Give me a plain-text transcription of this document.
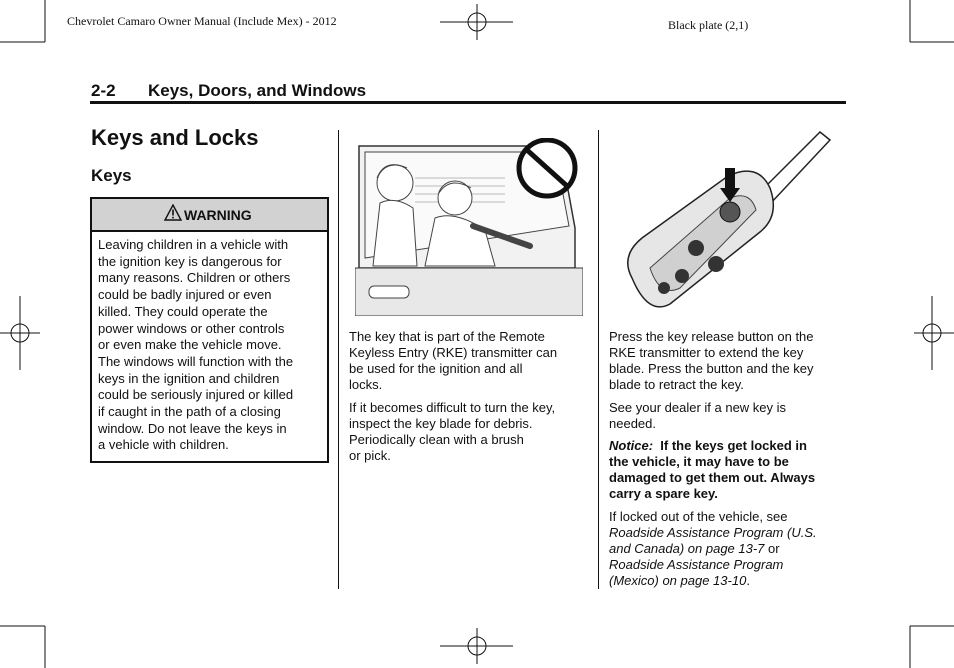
Chevrolet Camaro Owner Manual (Include Mex) - 2012	Black plate (2,1)
2-2 Keys, Doors, and Windows
Keys and Locks
Keys
WARNING
Leaving children in a vehicle with
the ignition key is dangerous for
many reasons. Children or others
could be badly injured or even
killed. They could operate the
power windows or other controls
or even make the vehicle move.
The windows will function with the
keys in the ignition and children
could be seriously injured or killed
if caught in the path of a closing
window. Do not leave the keys in
a vehicle with children.
The key that is part of the Remote
Keyless Entry (RKE) transmitter can
be used for the ignition and all
locks.
If it becomes difficult to turn the key,
inspect the key blade for debris.
Periodically clean with a brush
or pick.
Press the key release button on the
RKE transmitter to extend the key
blade. Press the button and the key
blade to retract the key.
See your dealer if a new key is
needed.
Notice: If the keys get locked in
the vehicle, it may have to be
damaged to get them out. Always
carry a spare key.
If locked out of the vehicle, see
Roadside Assistance Program (U.S.
and Canada) on page 13-7 or
Roadside Assistance Program
(Mexico) on page 13-10.
